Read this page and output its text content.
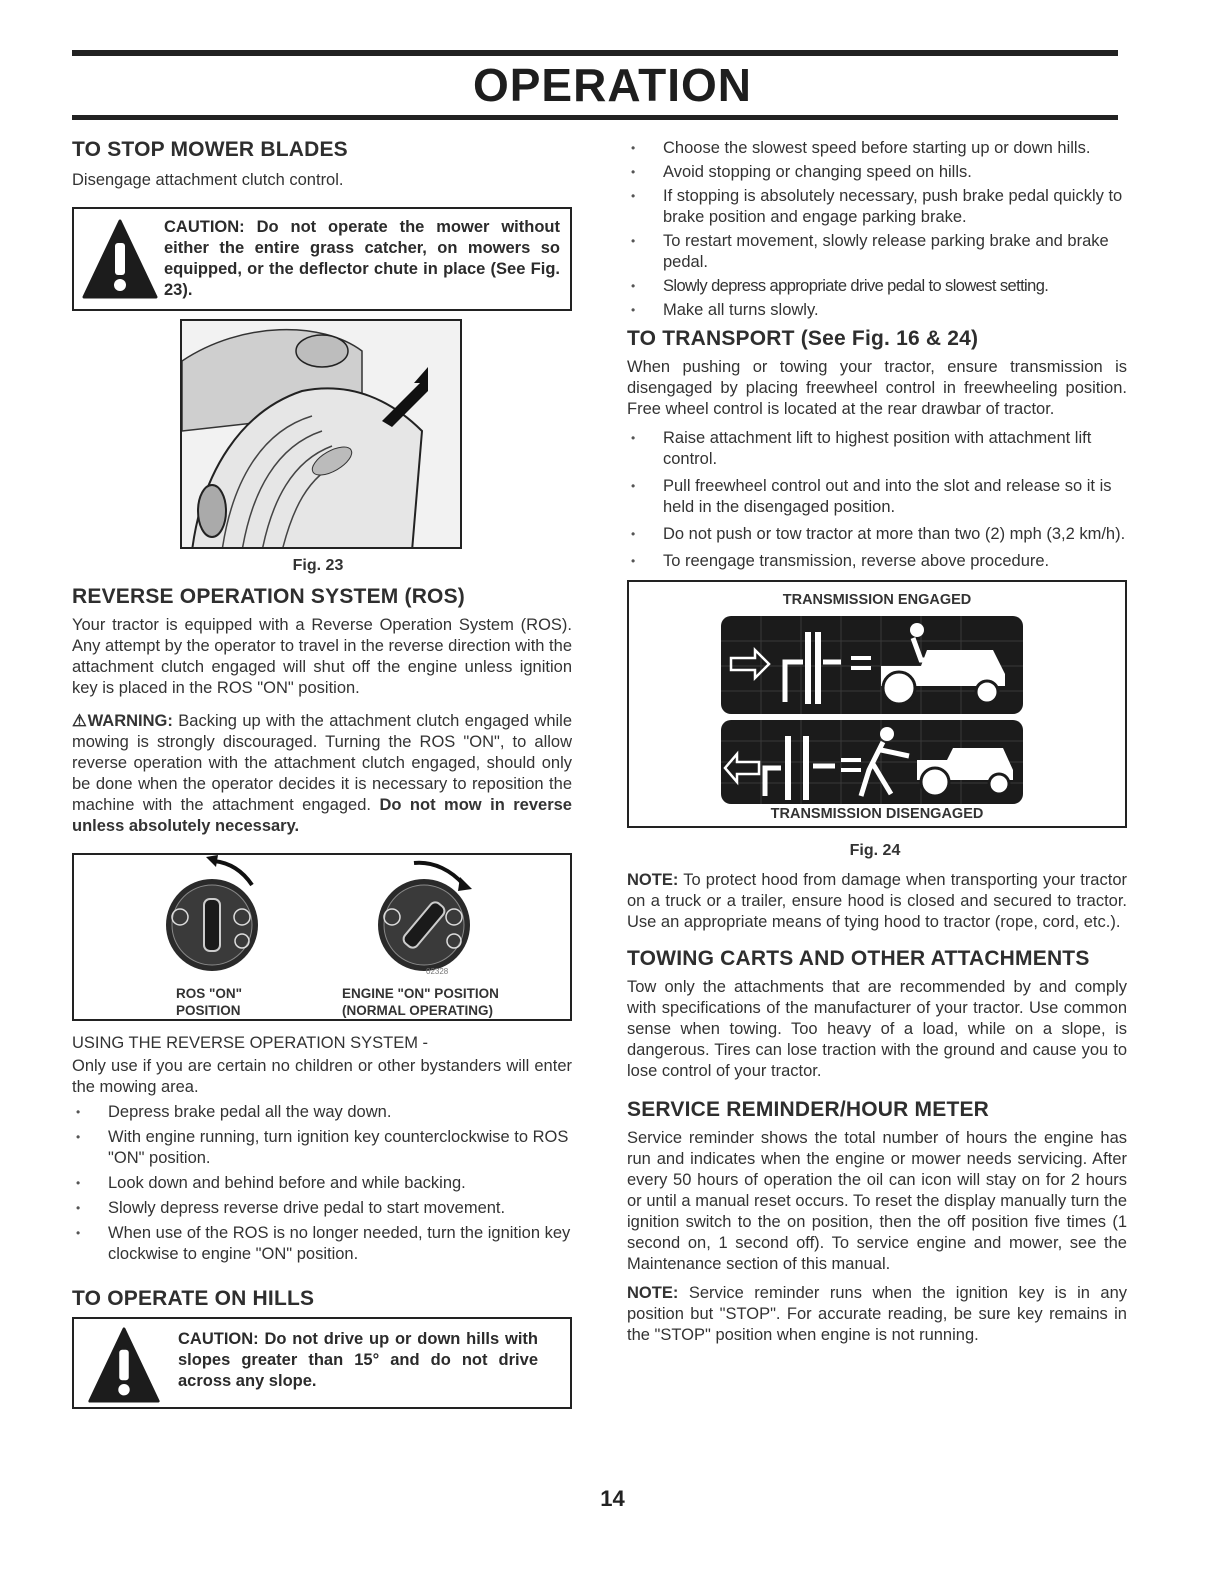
OPERATION
TO STOP MOWER BLADES

Disengage attachment clutch control.

CAUTION: Do not operate the mower without either the entire grass catcher, on mowers so equipped, or the deflector chute in place (See Fig. 23).
Fig. 23
REVERSE OPERATION SYSTEM (ROS)

Your tractor is equipped with a Reverse Operation System (ROS). Any attempt by the operator to travel in the reverse direction with the attachment clutch engaged will shut off the engine unless ignition key is placed in the ROS "ON" position.

⚠WARNING: Backing up with the attachment clutch engaged while mowing is strongly discouraged. Turning the ROS "ON", to allow reverse operation with the attachment clutch engaged, should only be done when the operator decides it is necessary to reposition the machine with the attachment engaged. Do not mow in reverse unless absolutely necessary.

02328
ROS "ON"
POSITION
ENGINE "ON" POSITION
(NORMAL OPERATING)

USING THE REVERSE OPERATION SYSTEM -

Only use if you are certain no children or other bystanders will enter the mowing area.

• Depress brake pedal all the way down.
• With engine running, turn ignition key counterclockwise to ROS "ON" position.
• Look down and behind before and while backing.
• Slowly depress reverse drive pedal to start movement.
• When use of the ROS is no longer needed, turn the ignition key clockwise to engine "ON" position.
TO OPERATE ON HILLS
CAUTION: Do not drive up or down hills with slopes greater than 15° and do not drive across any slope.
• Choose the slowest speed before starting up or down hills.
• Avoid stopping or changing speed on hills.
• If stopping is absolutely necessary, push brake pedal quickly to brake position and engage parking brake.
• To restart movement, slowly release parking brake and brake pedal.
• Slowly depress appropriate drive pedal to slowest setting.
• Make all turns slowly.
TO TRANSPORT (See Fig. 16 & 24)

When pushing or towing your tractor, ensure transmission is disengaged by placing freewheel control in freewheeling position. Free wheel control is located at the rear drawbar of tractor.

• Raise attachment lift to highest position with attachment lift control.
• Pull freewheel control out and into the slot and release so it is held in the disengaged position.
• Do not push or tow tractor at more than two (2) mph (3,2 km/h).
• To reengage transmission, reverse above procedure.
TRANSMISSION ENGAGED
TRANSMISSION DISENGAGED
Fig. 24

NOTE: To protect hood from damage when transporting your tractor on a truck or a trailer, ensure hood is closed and secured to tractor. Use an appropriate means of tying hood to tractor (rope, cord, etc.).

TOWING CARTS AND OTHER ATTACHMENTS

Tow only the attachments that are recommended by and comply with specifications of the manufacturer of your tractor. Use common sense when towing. Too heavy of a load, while on a slope, is dangerous. Tires can lose traction with the ground and cause you to lose control of your tractor.

SERVICE REMINDER/HOUR METER

Service reminder shows the total number of hours the engine has run and indicates when the engine or mower needs servicing. After every 50 hours of operation the oil can icon will stay on for 2 hours or until a manual reset occurs. To reset the display manually turn the ignition switch to the on position, then the off position five times (1 second on, 1 second off). To service engine and mower, see the Maintenance section of this manual.

NOTE: Service reminder runs when the ignition key is in any position but "STOP". For accurate reading, be sure key remains in the "STOP" position when engine is not running.

14
